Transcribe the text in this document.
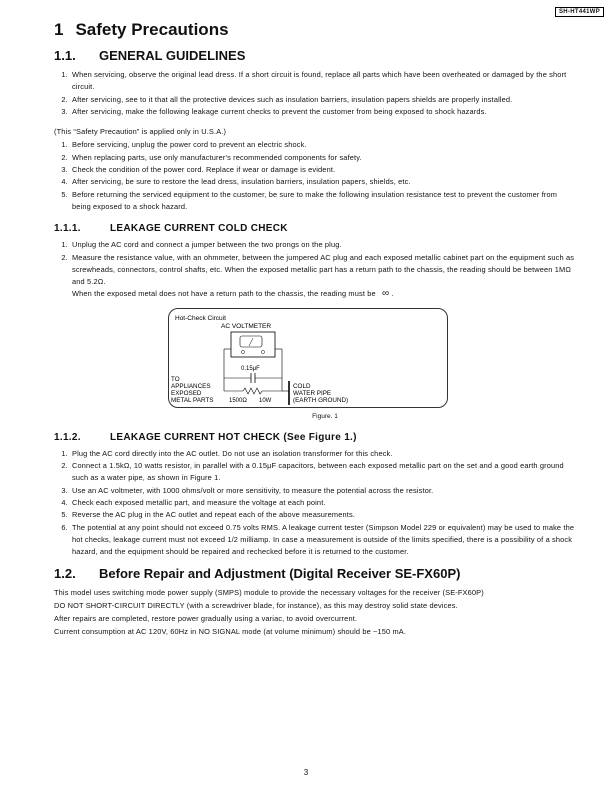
SH-HT441WP
1 Safety Precautions
1.1. GENERAL GUIDELINES
1. When servicing, observe the original lead dress. If a short circuit is found, replace all parts which have been overheated or damaged by the short circuit.
2. After servicing, see to it that all the protective devices such as insulation barriers, insulation papers shields are properly installed.
3. After servicing, make the following leakage current checks to prevent the customer from being exposed to shock hazards.

(This “Safety Precaution” is applied only in U.S.A.)

1. Before servicing, unplug the power cord to prevent an electric shock.
2. When replacing parts, use only manufacturer's recommended components for safety.
3. Check the condition of the power cord. Replace if wear or damage is evident.
4. After servicing, be sure to restore the lead dress, insulation barriers, insulation papers, shields, etc.
5. Before returning the serviced equipment to the customer, be sure to make the following insulation resistance test to prevent the customer from being exposed to a shock hazard.
1.1.1.	LEAKAGE CURRENT COLD CHECK
1. Unplug the AC cord and connect a jumper between the two prongs on the plug.
2. Measure the resistance value, with an ohmmeter, between the jumpered AC plug and each exposed metallic cabinet part on the equipment such as screwheads, connectors, control shafts, etc. When the exposed metallic part has a return path to the chassis, the reading should be between 1MΩ and 5.2Ω.
When the exposed metal does not have a return path to the chassis, the reading must be ∞ .
Hot-Check Circuit
AC VOLTMETER
0.15μF
TO
APPLIANCES
EXPOSED
METAL PARTS	1500Ω 10W
COLD
WATER PIPE
(EARTH GROUND)
Figure. 1
1.1.2.	LEAKAGE CURRENT HOT CHECK (See Figure 1.)
1. Plug the AC cord directly into the AC outlet. Do not use an isolation transformer for this check.
2. Connect a 1.5kΩ, 10 watts resistor, in parallel with a 0.15μF capacitors, between each exposed metallic part on the set and a good earth ground such as a water pipe, as shown in Figure 1.
3. Use an AC voltmeter, with 1000 ohms/volt or more sensitivity, to measure the potential across the resistor.
4. Check each exposed metallic part, and measure the voltage at each point.
5. Reverse the AC plug in the AC outlet and repeat each of the above measurements.
6. The potential at any point should not exceed 0.75 volts RMS. A leakage current tester (Simpson Model 229 or equivalent) may be used to make the hot checks, leakage current must not exceed 1/2 milliamp. In case a measurement is outside of the limits specified, there is a possibility of a shock hazard, and the equipment should be repaired and rechecked before it is returned to the customer.
1.2. Before Repair and Adjustment (Digital Receiver SE-FX60P)

This model uses switching mode power supply (SMPS) module to provide the necessary voltages for the receiver (SE-FX60P)

DO NOT SHORT-CIRCUIT DIRECTLY (with a screwdriver blade, for instance), as this may destroy solid state devices.

After repairs are completed, restore power gradually using a variac, to avoid overcurrent.

Current consumption at AC 120V, 60Hz in NO SIGNAL mode (at volume minimum) should be ~150 mA.

3
